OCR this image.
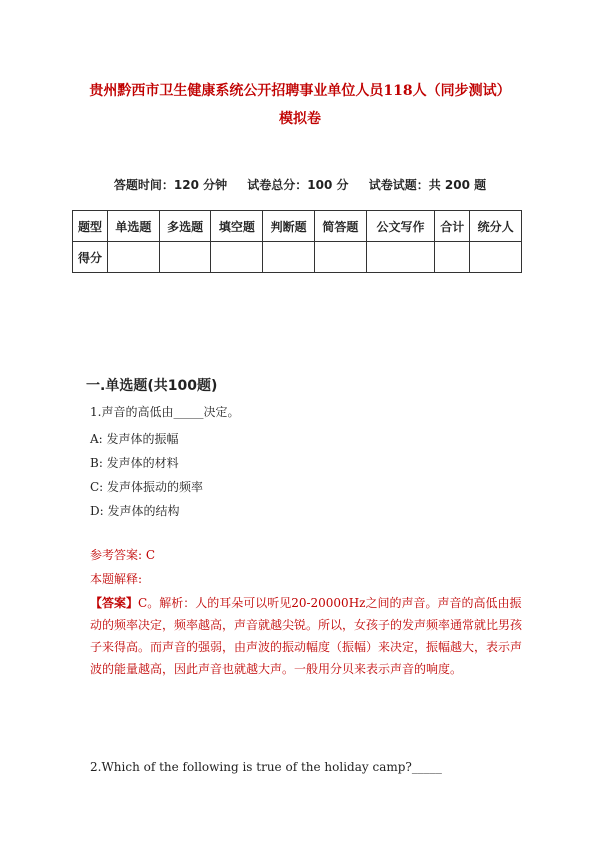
贵州黔西市卫生健康系统公开招聘事业单位人员118人（同步测试）
模拟卷
答题时间：120 分钟 试卷总分：100 分 试卷试题：共 200 题
题型	单选题	多选题	填空题	判断题	简答题	公文写作	合计	统分人
得分								
一.单选题(共100题)
1.声音的高低由_____决定。
A: 发声体的振幅
B: 发声体的材料
C: 发声体振动的频率
D: 发声体的结构
参考答案: C
本题解释:
【答案】C。解析：人的耳朵可以听见20-20000Hz之间的声音。声音的高低由振动的频率决定，频率越高，声音就越尖锐。所以，女孩子的发声频率通常就比男孩子来得高。而声音的强弱，由声波的振动幅度（振幅）来决定，振幅越大，表示声波的能量越高，因此声音也就越大声。一般用分贝来表示声音的响度。
2.Which of the following is true of the holiday camp?_____
